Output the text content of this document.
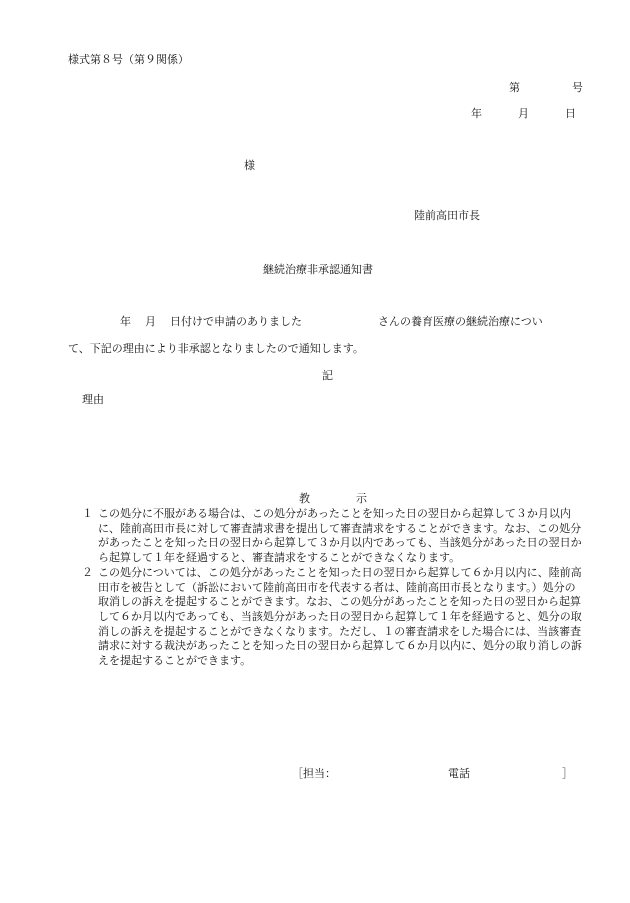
様式第８号（第９関係）
第	号
年	月	日
様
陸前高田市長
継続治療非承認通知書
年 月 日付けで申請のありました	さんの養育医療の継続治療につい
て、下記の理由により非承認となりましたので通知します。
記
理由
教	示
１ この処分に不服がある場合は、この処分があったことを知った日の翌日から起算して３か月以内に、陸前高田市長に対して審査請求書を提出して審査請求をすることができます。なお、この処分があったことを知った日の翌日から起算して３か月以内であっても、当該処分があった日の翌日から起算して１年を経過すると、審査請求をすることができなくなります。
２ この処分については、この処分があったことを知った日の翌日から起算して６か月以内に、陸前高田市を被告として（訴訟において陸前高田市を代表する者は、陸前高田市長となります。）処分の取消しの訴えを提起することができます。なお、この処分があったことを知った日の翌日から起算して６か月以内であっても、当該処分があった日の翌日から起算して１年を経過すると、処分の取消しの訴えを提起することができなくなります。ただし、１の審査請求をした場合には、当該審査請求に対する裁決があったことを知った日の翌日から起算して６か月以内に、処分の取り消しの訴えを提起することができます。
［担当：	電話	］
